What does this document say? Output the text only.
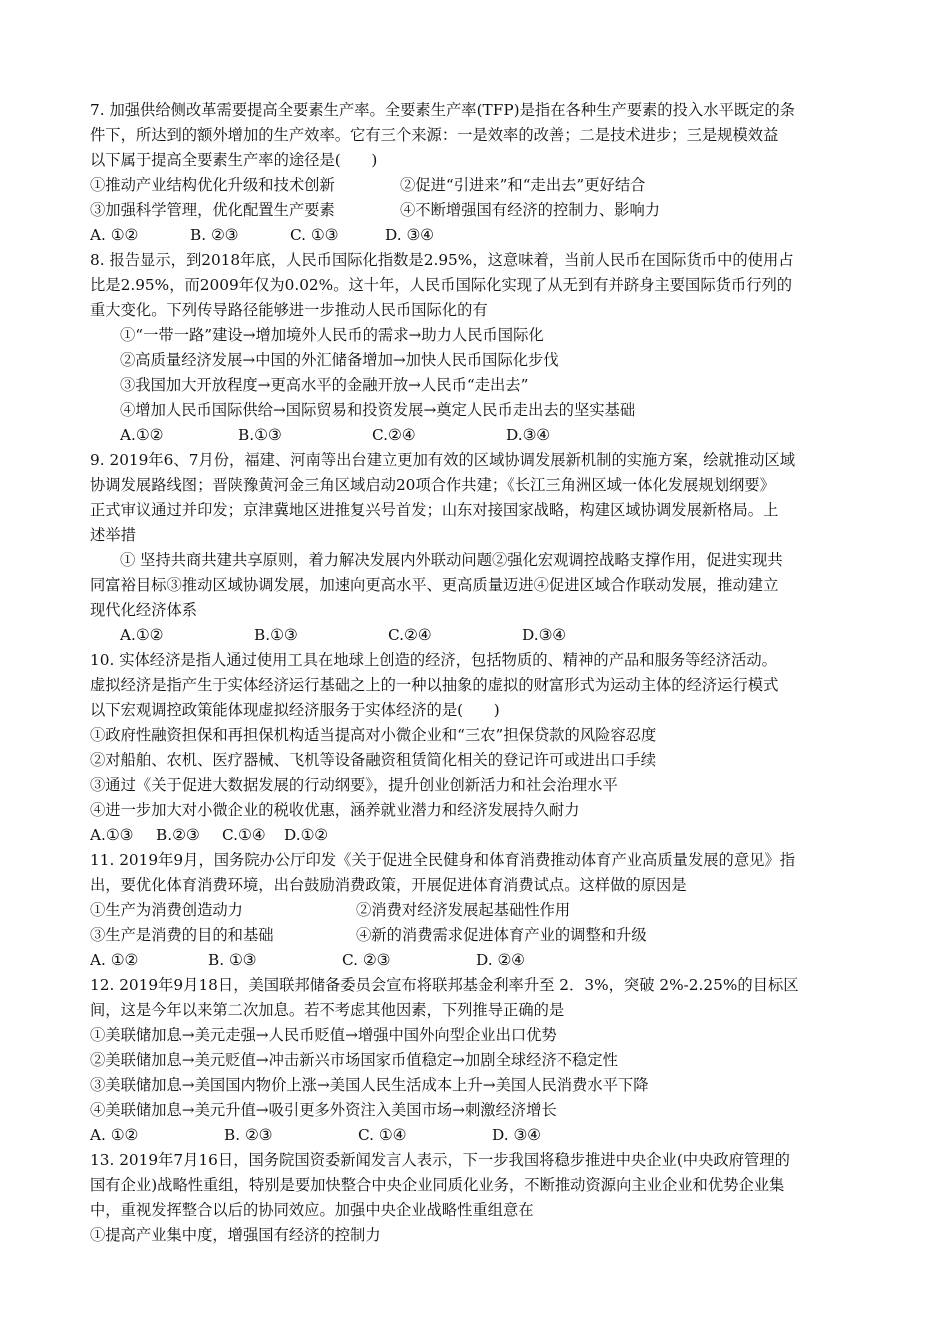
7. 加强供给侧改革需要提高全要素生产率。全要素生产率(TFP)是指在各种生产要素的投入水平既定的条
件下，所达到的额外增加的生产效率。它有三个来源：一是效率的改善；二是技术进步；三是规模效益
以下属于提高全要素生产率的途径是(　　)
①推动产业结构优化升级和技术创新	②促进“引进来”和“走出去”更好结合
③加强科学管理，优化配置生产要素	④不断增强国有经济的控制力、影响力
A. ①②	B. ②③	C. ①③	D. ③④
8. 报告显示，到2018年底，人民币国际化指数是2.95%，这意味着，当前人民币在国际货币中的使用占
比是2.95%，而2009年仅为0.02%。这十年，人民币国际化实现了从无到有并跻身主要国际货币行列的
重大变化。下列传导路径能够进一步推动人民币国际化的有
①“一带一路”建设→增加境外人民币的需求→助力人民币国际化
②高质量经济发展→中国的外汇储备增加→加快人民币国际化步伐
③我国加大开放程度→更高水平的金融开放→人民币“走出去”
④增加人民币国际供给→国际贸易和投资发展→奠定人民币走出去的坚实基础
A.①②	B.①③	C.②④	D.③④
9. 2019年6、7月份，福建、河南等出台建立更加有效的区域协调发展新机制的实施方案，绘就推动区域
协调发展路线图；晋陕豫黄河金三角区域启动20项合作共建；《长江三角洲区域一体化发展规划纲要》
正式审议通过并印发；京津冀地区进推复兴号首发；山东对接国家战略，构建区域协调发展新格局。上
述举措
① 坚持共商共建共享原则，着力解决发展内外联动问题②强化宏观调控战略支撑作用，促进实现共
同富裕目标③推动区域协调发展，加速向更高水平、更高质量迈进④促进区域合作联动发展，推动建立
现代化经济体系
A.①②	B.①③	C.②④	D.③④
10. 实体经济是指人通过使用工具在地球上创造的经济，包括物质的、精神的产品和服务等经济活动。
虚拟经济是指产生于实体经济运行基础之上的一种以抽象的虚拟的财富形式为运动主体的经济运行模式
以下宏观调控政策能体现虚拟经济服务于实体经济的是(　　)
①政府性融资担保和再担保机构适当提高对小微企业和“三农”担保贷款的风险容忍度
②对船舶、农机、医疗器械、飞机等设备融资租赁简化相关的登记许可或进出口手续
③通过《关于促进大数据发展的行动纲要》，提升创业创新活力和社会治理水平
④进一步加大对小微企业的税收优惠，涵养就业潜力和经济发展持久耐力
A.①③ B.②③ C.①④ D.①②
11. 2019年9月，国务院办公厅印发《关于促进全民健身和体育消费推动体育产业高质量发展的意见》指
出，要优化体育消费环境，出台鼓励消费政策，开展促进体育消费试点。这样做的原因是
①生产为消费创造动力	②消费对经济发展起基础性作用
③生产是消费的目的和基础	④新的消费需求促进体育产业的调整和升级
A. ①②	B. ①③	C. ②③	D. ②④
12. 2019年9月18日，美国联邦储备委员会宣布将联邦基金利率升至 2．3%，突破 2%-2.25%的目标区
间，这是今年以来第二次加息。若不考虑其他因素，下列推导正确的是
①美联储加息→美元走强→人民币贬值→增强中国外向型企业出口优势
②美联储加息→美元贬值→冲击新兴市场国家币值稳定→加剧全球经济不稳定性
③美联储加息→美国国内物价上涨→美国人民生活成本上升→美国人民消费水平下降
④美联储加息→美元升值→吸引更多外资注入美国市场→刺激经济增长
A. ①②	B. ②③	C. ①④	D. ③④
13. 2019年7月16日，国务院国资委新闻发言人表示，下一步我国将稳步推进中央企业(中央政府管理的
国有企业)战略性重组，特别是要加快整合中央企业同质化业务，不断推动资源向主业企业和优势企业集
中，重视发挥整合以后的协同效应。加强中央企业战略性重组意在
①提高产业集中度，增强国有经济的控制力
